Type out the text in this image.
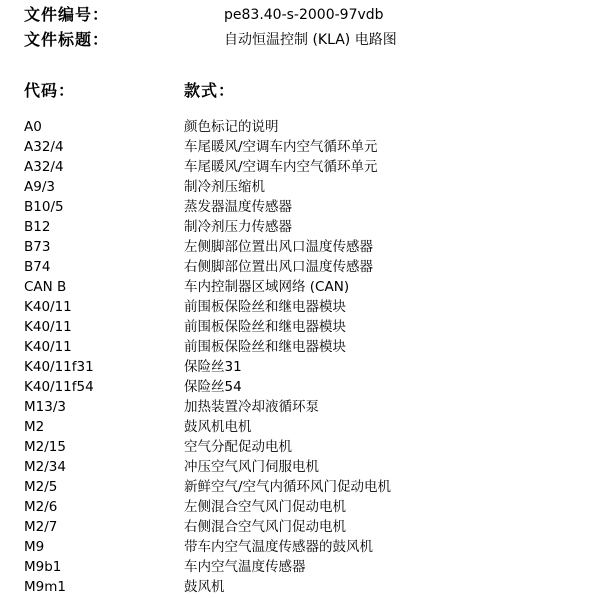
文件编号：	pe83.40-s-2000-97vdb
文件标题：	自动恒温控制 (KLA) 电路图
代码：	款式：
A0	颜色标记的说明
A32/4	车尾暖风/空调车内空气循环单元
A32/4	车尾暖风/空调车内空气循环单元
A9/3	制冷剂压缩机
B10/5	蒸发器温度传感器
B12	制冷剂压力传感器
B73	左侧脚部位置出风口温度传感器
B74	右侧脚部位置出风口温度传感器
CAN B	车内控制器区域网络 (CAN)
K40/11	前围板保险丝和继电器模块
K40/11	前围板保险丝和继电器模块
K40/11	前围板保险丝和继电器模块
K40/11f31	保险丝31
K40/11f54	保险丝54
M13/3	加热装置冷却液循环泵
M2	鼓风机电机
M2/15	空气分配促动电机
M2/34	冲压空气风门伺服电机
M2/5	新鲜空气/空气内循环风门促动电机
M2/6	左侧混合空气风门促动电机
M2/7	右侧混合空气风门促动电机
M9	带车内空气温度传感器的鼓风机
M9b1	车内空气温度传感器
M9m1	鼓风机
